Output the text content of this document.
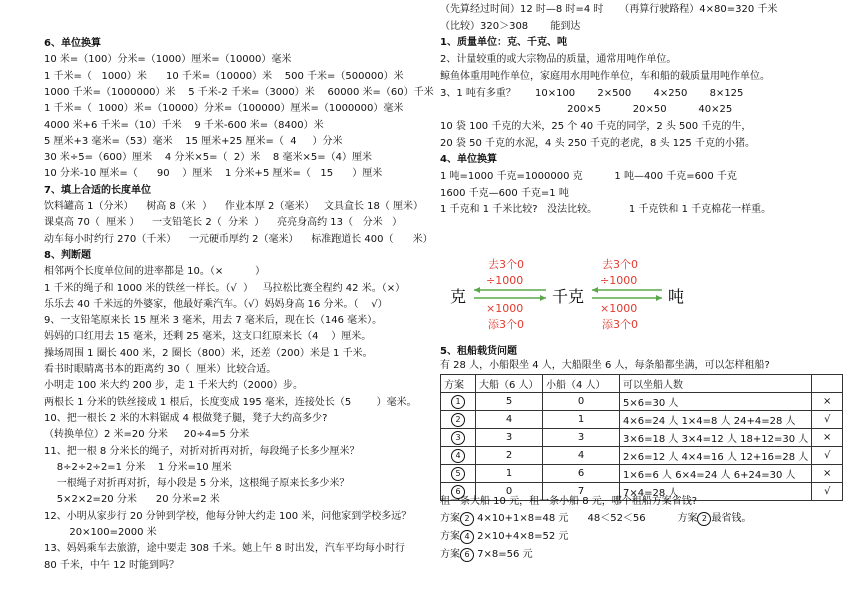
6、单位换算
10 米=（100）分米=（1000）厘米=（10000）毫米
1 千米=（   1000）米      10 千米=（10000）米    500 千米=（500000）米
1000 千米=（1000000）米    5 千米-2 千米=（3000）米    60000 米=（60）千米
1 千米=（  1000）米=（10000）分米=（100000）厘米=（1000000）毫米
4000 米+6 千米=（10）千米    9 千米-600 米=（8400）米
5 厘米+3 毫米=（53）毫米    15 厘米+25 厘米=（  4     ）分米
30 米÷5=（600）厘米    4 分米×5=（  2）米    8 毫米×5=（4）厘米
10 分米-10 厘米=（      90    ）厘米    1 分米+5 厘米=（   15      ）厘米
7、填上合适的长度单位
饮料罐高 1（分米）    树高 8（米  ）    作业本厚 2（毫米）   文具盒长 18（ 厘米）
课桌高 70（  厘米 ）    一支铅笔长 2（  分米  ）    亮亮身高约 13（   分米   ）
动车每小时约行 270（千米）    一元硬币厚约 2（毫米）    标准跑道长 400（      米）
8、判断题
相邻两个长度单位间的进率都是 10。（×          ）
1 千米的绳子和 1000 米的铁丝一样长。（√  ）   马拉松比赛全程约 42 米。（×）
乐乐去 40 千米远的外婆家，他最好乘汽车。（√）妈妈身高 16 分米。（    √）
9、一支铅笔原来长 15 厘米 3 毫米，用去 7 毫米后，现在长（146 毫米）。
妈妈的口红用去 15 毫米，还剩 25 毫米，这支口红原来长（4    ）厘米。
操场周围 1 圈长 400 米，2 圈长（800）米，还差（200）米是 1 千米。
看书时眼睛离书本的距离约 30（  厘米）比较合适。
小明走 100 米大约 200 步，走 1 千米大约（2000）步。
两根长 1 分米的铁丝接成 1 根后，长度变成 195 毫米，连接处长（5        ）毫米。
10、把一根长 2 米的木料锯成 4 根做凳子腿，凳子大约高多少?
（转换单位）2 米=20 分米     20÷4=5 分米
11、把一根 8 分米长的绳子，对折对折再对折，每段绳子长多少厘米？
8÷2÷2÷2=1 分米    1 分米=10 厘米
一根绳子对折再对折，每小段是 5 分米，这根绳子原来长多少米？
5×2×2=20 分米      20 分米=2 米
12、小明从家步行 20 分钟到学校，他每分钟大约走 100 米，问他家到学校多远？
20×100=2000 米
13、妈妈乘车去旅游，途中要走 308 千米。她上午 8 时出发，汽车平均每小时行
80 千米，中午 12 时能到吗？
（先算经过时间）12 时—8 时=4 时     （再算行驶路程）4×80=320 千米
（比较）320＞308       能到达
1、质量单位：克、千克、吨
2、计量较重的或大宗物品的质量，通常用吨作单位。
鲸鱼体重用吨作单位，家庭用水用吨作单位，车和船的载质量用吨作单位。
3、1 吨有多重？      10×100       2×500       4×250       8×125
200×5          20×50          40×25
10 袋 100 千克的大米，25 个 40 千克的同学，2 头 500 千克的牛，
20 袋 50 千克的水泥，4 头 250 千克的老虎，8 头 125 千克的小猪。
4、单位换算
1 吨=1000 千克=1000000 克          1 吨—400 千克=600 千克
1600 千克—600 千克=1 吨
1 千克和 1 千米比较?   没法比较。          1 千克铁和 1 千克棉花一样重。
克	千克	吨
去3个0
÷1000
×1000
添3个0
去3个0
÷1000
×1000
添3个0
5、租船载货问题
有 28 人，小船限坐 4 人，大船限坐 6 人，每条船都坐满，可以怎样租船?
方案	大船（6 人）	小船（4 人）	可以坐船人数	
1	5	0	5×6=30 人	×
2	4	1	4×6=24 人 1×4=8 人 24+4=28 人	√
3	3	3	3×6=18 人 3×4=12 人 18+12=30 人	×
4	2	4	2×6=12 人 4×4=16 人 12+16=28 人	√
5	1	6	1×6=6 人 6×4=24 人 6+24=30 人	×
6	0	7	7×4=28 人	√
租一条大船 10 元，租一条小船 8 元，哪个租船方案省钱?
方案 2 4×10+1×8=48 元      48＜52＜56          方案 2 最省钱。
方案 4 2×10+4×8=52 元
方案 6 7×8=56 元
